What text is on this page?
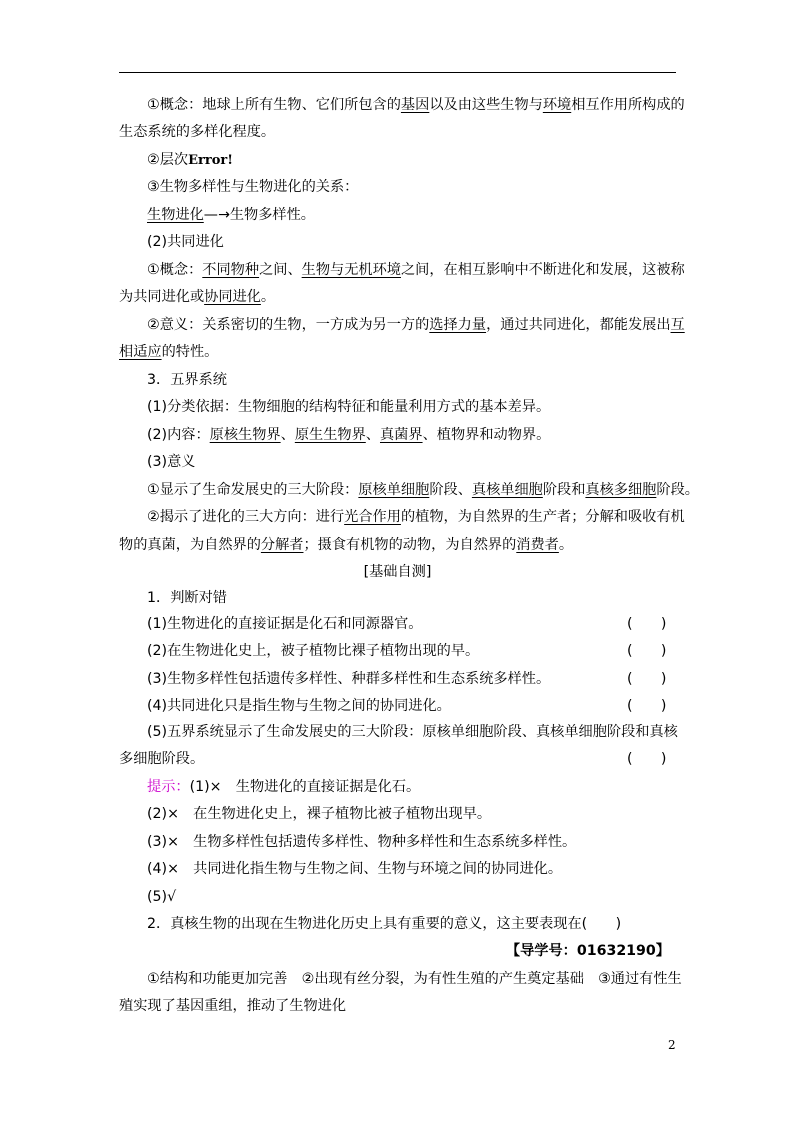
①概念：地球上所有生物、它们所包含的基因以及由这些生物与环境相互作用所构成的
生态系统的多样化程度。
②层次Error!
③生物多样性与生物进化的关系：
生物进化—→生物多样性。
(2)共同进化
①概念：不同物种之间、生物与无机环境之间，在相互影响中不断进化和发展，这被称
为共同进化或协同进化。
②意义：关系密切的生物，一方成为另一方的选择力量，通过共同进化，都能发展出互
相适应的特性。
3．五界系统
(1)分类依据：生物细胞的结构特征和能量利用方式的基本差异。
(2)内容：原核生物界、原生生物界、真菌界、植物界和动物界。
(3)意义
①显示了生命发展史的三大阶段：原核单细胞阶段、真核单细胞阶段和真核多细胞阶段。
②揭示了进化的三大方向：进行光合作用的植物，为自然界的生产者；分解和吸收有机
物的真菌，为自然界的分解者；摄食有机物的动物，为自然界的消费者。
[基础自测]
1．判断对错
(1)生物进化的直接证据是化石和同源器官。	(　　)
(2)在生物进化史上，被子植物比裸子植物出现的早。	(　　)
(3)生物多样性包括遗传多样性、种群多样性和生态系统多样性。	(　　)
(4)共同进化只是指生物与生物之间的协同进化。	(　　)
(5)五界系统显示了生命发展史的三大阶段：原核单细胞阶段、真核单细胞阶段和真核
多细胞阶段。	(　　)
提示：(1)×　生物进化的直接证据是化石。
(2)×　在生物进化史上，裸子植物比被子植物出现早。
(3)×　生物多样性包括遗传多样性、物种多样性和生态系统多样性。
(4)×　共同进化指生物与生物之间、生物与环境之间的协同进化。
(5)√
2．真核生物的出现在生物进化历史上具有重要的意义，这主要表现在(　　)
【导学号：01632190】
①结构和功能更加完善　②出现有丝分裂，为有性生殖的产生奠定基础　③通过有性生
殖实现了基因重组，推动了生物进化
2
